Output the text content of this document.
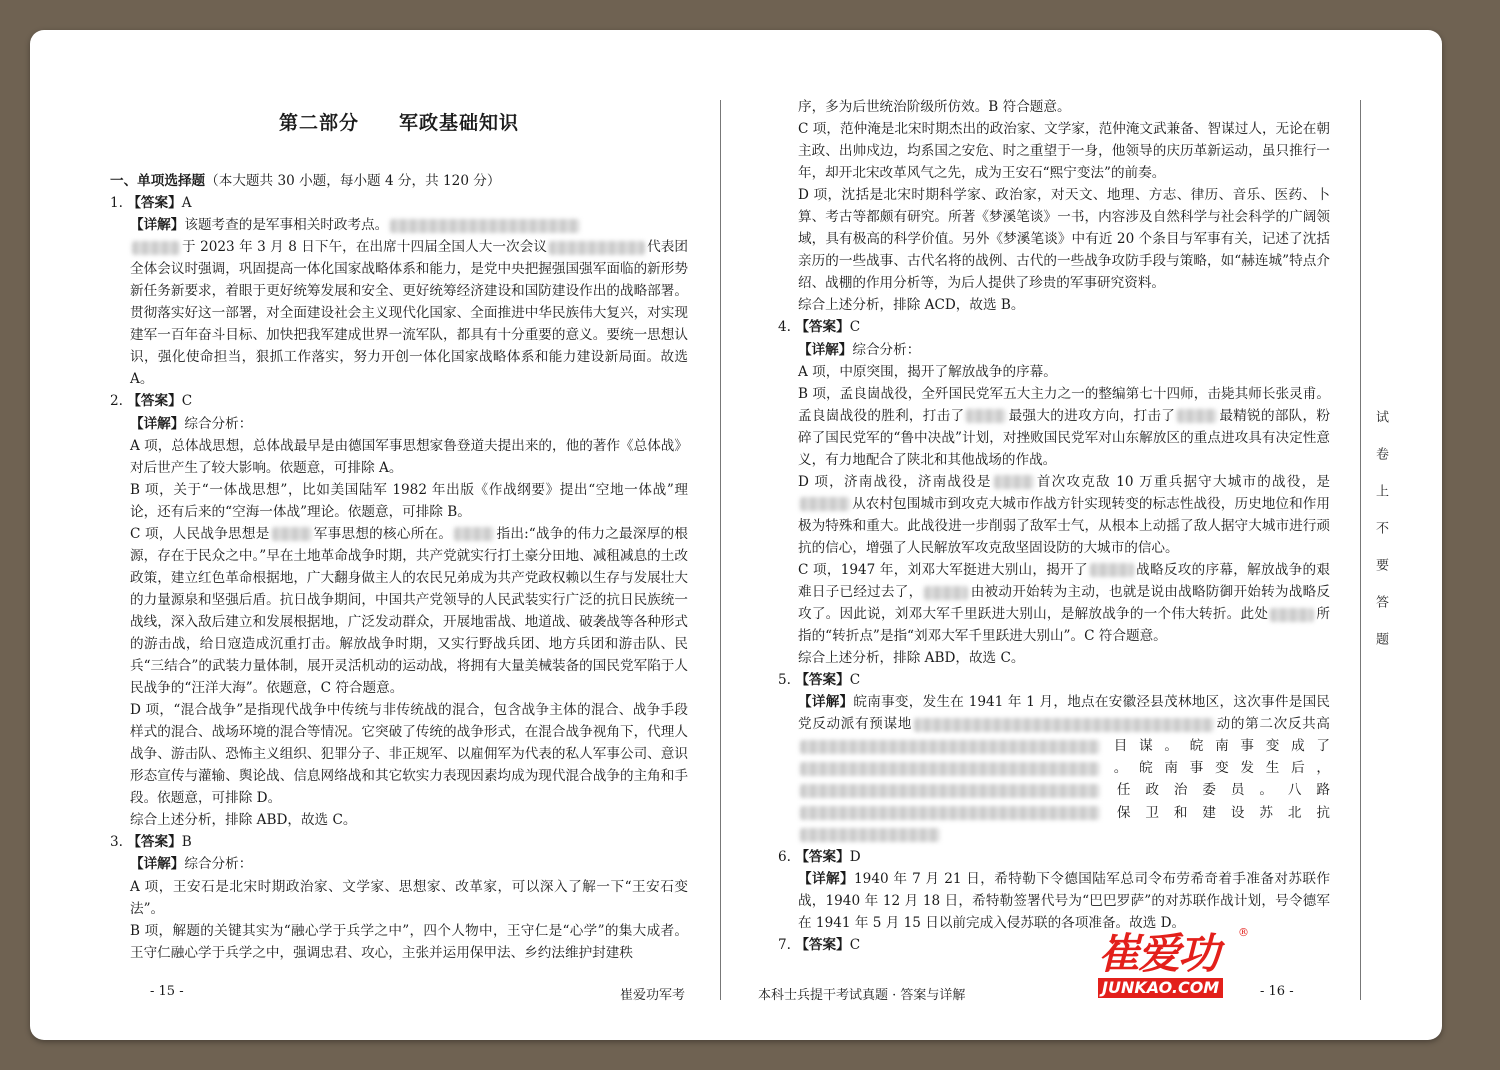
第二部分　　军政基础知识

一、单项选择题（本大题共 30 小题，每小题 4 分，共 120 分）

1. 【答案】A

【详解】该题考查的是军事相关时政考点。

于 2023 年 3 月 8 日下午，在出席十四届全国人大一次会议	代表团全体会议时强调，巩固提高一体化国家战略体系和能力，是党中央把握强国强军面临的新形势新任务新要求，着眼于更好统筹发展和安全、更好统筹经济建设和国防建设作出的战略部署。贯彻落实好这一部署，对全面建设社会主义现代化国家、全面推进中华民族伟大复兴，对实现建军一百年奋斗目标、加快把我军建成世界一流军队，都具有十分重要的意义。要统一思想认识，强化使命担当，狠抓工作落实，努力开创一体化国家战略体系和能力建设新局面。故选 A。

2. 【答案】C

【详解】综合分析：

A 项，总体战思想，总体战最早是由德国军事思想家鲁登道夫提出来的，他的著作《总体战》对后世产生了较大影响。依题意，可排除 A。

B 项，关于“一体战思想”，比如美国陆军 1982 年出版《作战纲要》提出“空地一体战”理论，还有后来的“空海一体战”理论。依题意，可排除 B。

C 项，人民战争思想是	军事思想的核心所在。	指出:“战争的伟力之最深厚的根源，存在于民众之中。”早在土地革命战争时期，共产党就实行打土豪分田地、减租减息的土改政策，建立红色革命根据地，广大翻身做主人的农民兄弟成为共产党政权赖以生存与发展壮大的力量源泉和坚强后盾。抗日战争期间，中国共产党领导的人民武装实行广泛的抗日民族统一战线，深入敌后建立和发展根据地，广泛发动群众，开展地雷战、地道战、破袭战等各种形式的游击战，给日寇造成沉重打击。解放战争时期，又实行野战兵团、地方兵团和游击队、民兵“三结合”的武装力量体制，展开灵活机动的运动战，将拥有大量美械装备的国民党军陷于人民战争的“汪洋大海”。依题意，C 符合题意。

D 项，“混合战争”是指现代战争中传统与非传统战的混合，包含战争主体的混合、战争手段样式的混合、战场环境的混合等情况。它突破了传统的战争形式，在混合战争视角下，代理人战争、游击队、恐怖主义组织、犯罪分子、非正规军、以雇佣军为代表的私人军事公司、意识形态宣传与灌输、舆论战、信息网络战和其它软实力表现因素均成为现代混合战争的主角和手段。依题意，可排除 D。

综合上述分析，排除 ABD，故选 C。

3. 【答案】B

【详解】综合分析：

A 项，王安石是北宋时期政治家、文学家、思想家、改革家，可以深入了解一下“王安石变法”。

B 项，解题的关键其实为“融心学于兵学之中”，四个人物中，王守仁是“心学”的集大成者。王守仁融心学于兵学之中，强调忠君、攻心，主张并运用保甲法、乡约法维护封建秩

序，多为后世统治阶级所仿效。B 符合题意。

C 项，范仲淹是北宋时期杰出的政治家、文学家，范仲淹文武兼备、智谋过人，无论在朝主政、出帅戍边，均系国之安危、时之重望于一身，他领导的庆历革新运动，虽只推行一年，却开北宋改革风气之先，成为王安石“熙宁变法”的前奏。

D 项，沈括是北宋时期科学家、政治家，对天文、地理、方志、律历、音乐、医药、卜算、考古等都颇有研究。所著《梦溪笔谈》一书，内容涉及自然科学与社会科学的广阔领域，具有极高的科学价值。另外《梦溪笔谈》中有近 20 个条目与军事有关，记述了沈括亲历的一些战事、古代名将的战例、古代的一些战争攻防手段与策略，如“赫连城”特点介绍、战棚的作用分析等，为后人提供了珍贵的军事研究资料。

综合上述分析，排除 ACD，故选 B。

4. 【答案】C

【详解】综合分析：

A 项，中原突围，揭开了解放战争的序幕。

B 项，孟良崮战役，全歼国民党军五大主力之一的整编第七十四师，击毙其师长张灵甫。孟良崮战役的胜利，打击了	最强大的进攻方向，打击了	最精锐的部队，粉碎了国民党军的“鲁中决战”计划，对挫败国民党军对山东解放区的重点进攻具有决定性意义，有力地配合了陕北和其他战场的作战。

D 项，济南战役，济南战役是	首次攻克敌 10 万重兵据守大城市的战役，是从农村包围城市到攻克大城市作战方针实现转变的标志性战役，历史地位和作用极为特殊和重大。此战役进一步削弱了敌军士气，从根本上动摇了敌人据守大城市进行顽抗的信心，增强了人民解放军攻克敌坚固设防的大城市的信心。

C 项，1947 年，刘邓大军挺进大别山，揭开了	战略反攻的序幕，解放战争的艰难日子已经过去了，	由被动开始转为主动，也就是说由战略防御开始转为战略反攻了。因此说，刘邓大军千里跃进大别山，是解放战争的一个伟大转折。此处	所指的“转折点”是指“刘邓大军千里跃进大别山”。C 符合题意。

综合上述分析，排除 ABD，故选 C。

5. 【答案】C

【详解】皖南事变，发生在 1941 年 1 月，地点在安徽泾县茂林地区，这次事件是国民党反动派有预谋地	动的第二次反共高目谋。皖南事变成了。皖南事变发生后，任政治委员。八路保卫和建设苏北抗

6. 【答案】D

【详解】1940 年 7 月 21 日，希特勒下令德国陆军总司令布劳希奇着手准备对苏联作战，1940 年 12 月 18 日，希特勒签署代号为“巴巴罗萨”的对苏联作战计划，号令德军在 1941 年 5 月 15 日以前完成入侵苏联的各项准备。故选 D。

7. 【答案】C

试卷上不要答题
- 15 -	崔爱功军考	本科士兵提干考试真题 · 答案与详解	- 16 -
崔爱功
JUNKAO.COM
®
